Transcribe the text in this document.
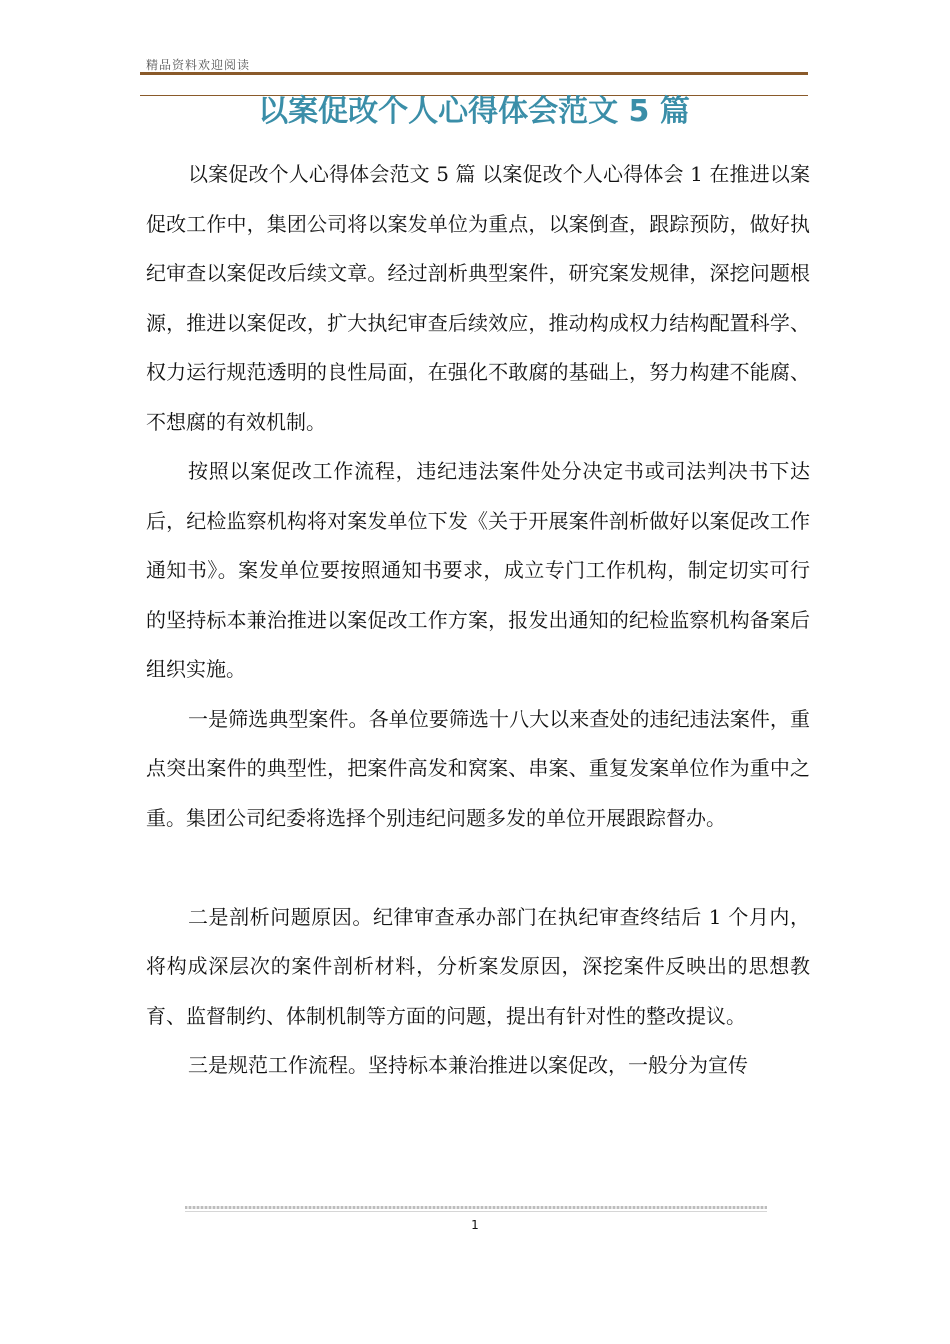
精品资料欢迎阅读
以案促改个人心得体会范文 5 篇

以案促改个人心得体会范文 5 篇 以案促改个人心得体会 1 在推进以案促改工作中，集团公司将以案发单位为重点，以案倒查，跟踪预防，做好执纪审查以案促改后续文章。经过剖析典型案件，研究案发规律，深挖问题根源，推进以案促改，扩大执纪审查后续效应，推动构成权力结构配置科学、权力运行规范透明的良性局面，在强化不敢腐的基础上，努力构建不能腐、不想腐的有效机制。

按照以案促改工作流程，违纪违法案件处分决定书或司法判决书下达后，纪检监察机构将对案发单位下发《关于开展案件剖析做好以案促改工作通知书》。案发单位要按照通知书要求，成立专门工作机构，制定切实可行的坚持标本兼治推进以案促改工作方案，报发出通知的纪检监察机构备案后组织实施。

一是筛选典型案件。各单位要筛选十八大以来查处的违纪违法案件，重点突出案件的典型性，把案件高发和窝案、串案、重复发案单位作为重中之重。集团公司纪委将选择个别违纪问题多发的单位开展跟踪督办。

二是剖析问题原因。纪律审查承办部门在执纪审查终结后 1 个月内，将构成深层次的案件剖析材料，分析案发原因，深挖案件反映出的思想教育、监督制约、体制机制等方面的问题，提出有针对性的整改提议。

三是规范工作流程。坚持标本兼治推进以案促改，一般分为宣传

1
